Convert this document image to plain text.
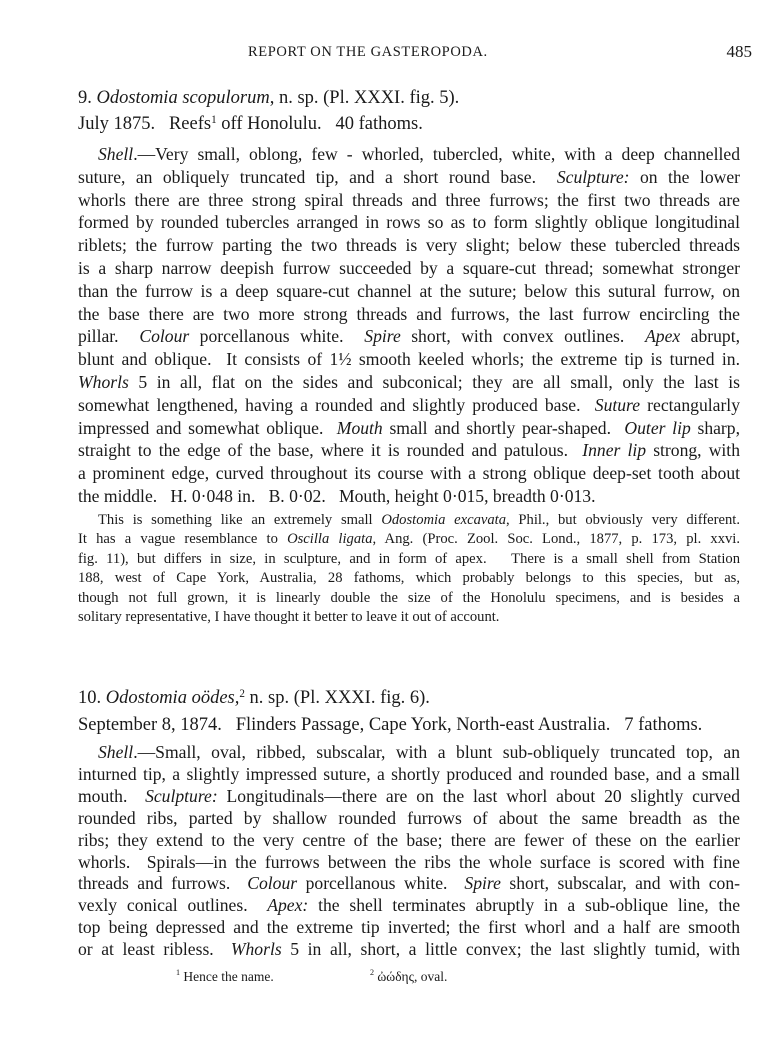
REPORT ON THE GASTEROPODA.	485
9. Odostomia scopulorum, n. sp. (Pl. XXXI. fig. 5).
July 1875.   Reefs$^1$ off Honolulu.   40 fathoms.
Shell.—Very small, oblong, few - whorled, tubercled, white, with a deep channelled
suture, an obliquely truncated tip, and a short round base.  Sculpture: on the lower
whorls there are three strong spiral threads and three furrows; the first two threads are
formed by rounded tubercles arranged in rows so as to form slightly oblique longitudinal
riblets; the furrow parting the two threads is very slight; below these tubercled threads
is a sharp narrow deepish furrow succeeded by a square-cut thread; somewhat stronger
than the furrow is a deep square-cut channel at the suture; below this sutural furrow, on
the base there are two more strong threads and furrows, the last furrow encircling the
pillar.  Colour porcellanous white.  Spire short, with convex outlines.  Apex abrupt,
blunt and oblique.  It consists of 1½ smooth keeled whorls; the extreme tip is turned in.
Whorls 5 in all, flat on the sides and subconical; they are all small, only the last is
somewhat lengthened, having a rounded and slightly produced base.  Suture rectangularly
impressed and somewhat oblique.  Mouth small and shortly pear-shaped.  Outer lip sharp,
straight to the edge of the base, where it is rounded and patulous.  Inner lip strong, with
a prominent edge, curved throughout its course with a strong oblique deep-set tooth about
the middle.   H. 0·048 in.   B. 0·02.   Mouth, height 0·015, breadth 0·013.
This is something like an extremely small Odostomia excavata, Phil., but obviously very different.
It has a vague resemblance to Oscilla ligata, Ang. (Proc. Zool. Soc. Lond., 1877, p. 173, pl. xxvi.
fig. 11), but differs in size, in sculpture, and in form of apex.   There is a small shell from Station
188, west of Cape York, Australia, 28 fathoms, which probably belongs to this species, but as,
though not full grown, it is linearly double the size of the Honolulu specimens, and is besides a
solitary representative, I have thought it better to leave it out of account.
10. Odostomia oödes,$^2$ n. sp. (Pl. XXXI. fig. 6).
September 8, 1874.   Flinders Passage, Cape York, North-east Australia.   7 fathoms.
Shell.—Small, oval, ribbed, subscalar, with a blunt sub-obliquely truncated top, an
inturned tip, a slightly impressed suture, a shortly produced and rounded base, and a small
mouth.  Sculpture: Longitudinals—there are on the last whorl about 20 slightly curved
rounded ribs, parted by shallow rounded furrows of about the same breadth as the
ribs; they extend to the very centre of the base; there are fewer of these on the earlier
whorls.  Spirals—in the furrows between the ribs the whole surface is scored with fine
threads and furrows.  Colour porcellanous white.  Spire short, subscalar, and with con-
vexly conical outlines.  Apex: the shell terminates abruptly in a sub-oblique line, the
top being depressed and the extreme tip inverted; the first whorl and a half are smooth
or at least ribless.  Whorls 5 in all, short, a little convex; the last slightly tumid, with
$^1$ Hence the name.	$^2$ ὠώδης, oval.
